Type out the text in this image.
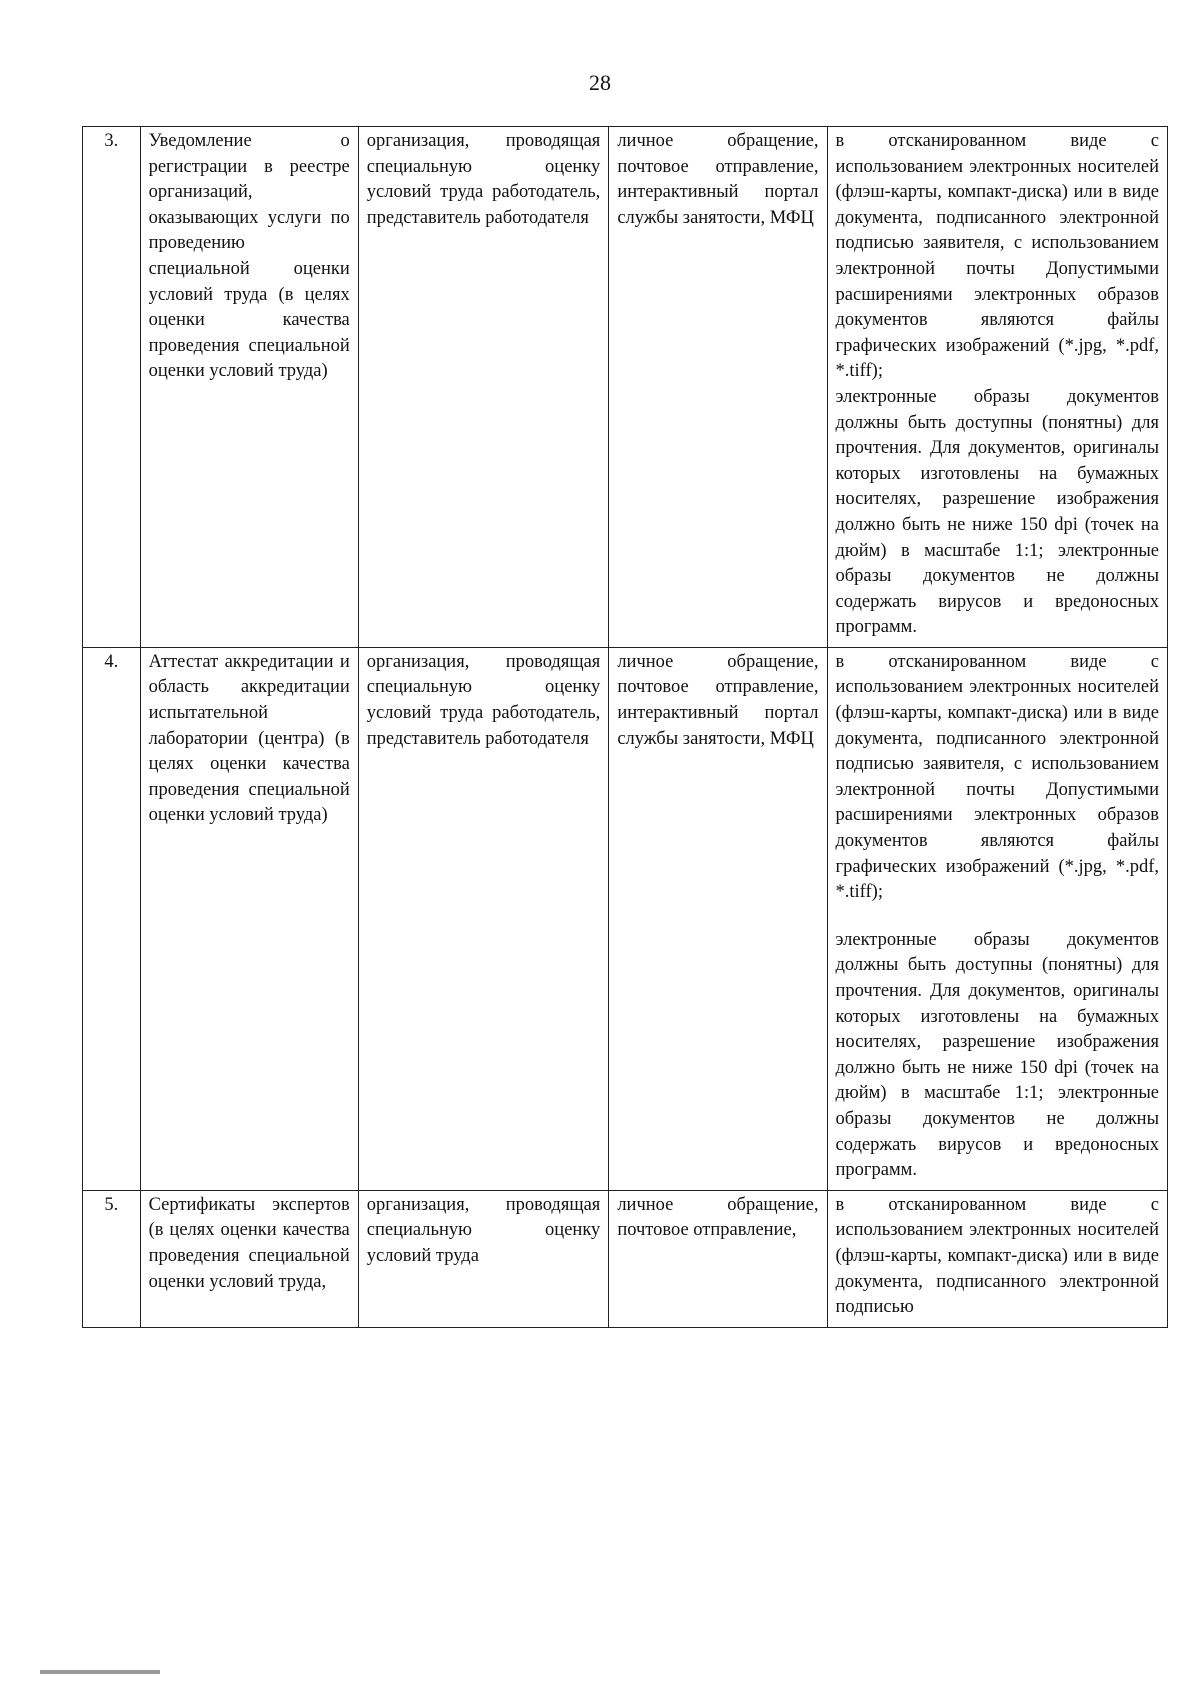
28
3.	Уведомление о регистрации в реестре организаций, оказывающих услуги по проведению специальной оценки условий труда (в целях оценки качества проведения специальной оценки условий труда)	организация, проводящая специальную оценку условий труда работодатель, представитель работодателя	личное обращение, почтовое отправление, интерактивный портал службы занятости, МФЦ	в отсканированном виде с использованием электронных носителей (флэш-карты, компакт-диска) или в виде документа, подписанного электронной подписью заявителя, с использованием электронной почты Допустимыми расширениями электронных образов документов являются файлы графических изображений (*.jpg, *.pdf, *.tiff);

электронные образы документов должны быть доступны (понятны) для прочтения. Для документов, оригиналы которых изготовлены на бумажных носителях, разрешение изображения должно быть не ниже 150 dpi (точек на дюйм) в масштабе 1:1; электронные образы документов не должны содержать вирусов и вредоносных программ.

4.	Аттестат аккредитации и область аккредитации испытательной лаборатории (центра) (в целях оценки качества проведения специальной оценки условий труда)	организация, проводящая специальную оценку условий труда работодатель, представитель работодателя	личное обращение, почтовое отправление, интерактивный портал службы занятости, МФЦ	в отсканированном виде с использованием электронных носителей (флэш-карты, компакт-диска) или в виде документа, подписанного электронной подписью заявителя, с использованием электронной почты Допустимыми расширениями электронных образов документов являются файлы графических изображений (*.jpg, *.pdf, *.tiff);

электронные образы документов должны быть доступны (понятны) для прочтения. Для документов, оригиналы которых изготовлены на бумажных носителях, разрешение изображения должно быть не ниже 150 dpi (точек на дюйм) в масштабе 1:1; электронные образы документов не должны содержать вирусов и вредоносных программ.

5.	Сертификаты экспертов (в целях оценки качества проведения специальной оценки условий труда,	организация, проводящая специальную оценку условий труда	личное обращение, почтовое отправление,	в отсканированном виде с использованием электронных носителей (флэш-карты, компакт-диска) или в виде документа, подписанного электронной подписью
